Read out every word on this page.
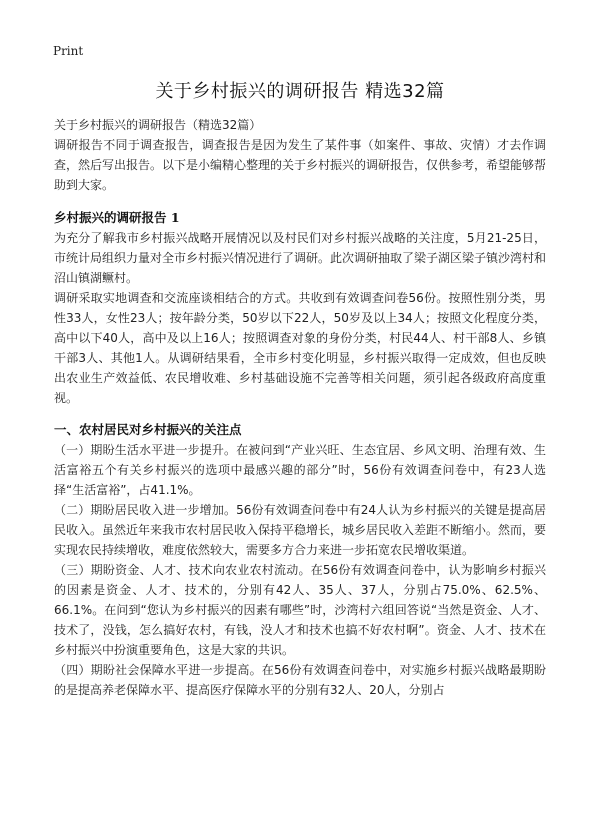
Print
关于乡村振兴的调研报告 精选32篇
关于乡村振兴的调研报告（精选32篇）

调研报告不同于调查报告，调查报告是因为发生了某件事（如案件、事故、灾情）才去作调查，然后写出报告。以下是小编精心整理的关于乡村振兴的调研报告，仅供参考，希望能够帮助到大家。

乡村振兴的调研报告 1

为充分了解我市乡村振兴战略开展情况以及村民们对乡村振兴战略的关注度，5月21-25日，市统计局组织力量对全市乡村振兴情况进行了调研。此次调研抽取了梁子湖区梁子镇沙湾村和沼山镇湖鳜村。

调研采取实地调查和交流座谈相结合的方式。共收到有效调查问卷56份。按照性别分类，男性33人，女性23人；按年龄分类，50岁以下22人，50岁及以上34人；按照文化程度分类，高中以下40人，高中及以上16人；按照调查对象的身份分类，村民44人、村干部8人、乡镇干部3人、其他1人。从调研结果看，全市乡村变化明显，乡村振兴取得一定成效，但也反映出农业生产效益低、农民增收难、乡村基础设施不完善等相关问题，须引起各级政府高度重视。

一、农村居民对乡村振兴的关注点

（一）期盼生活水平进一步提升。在被问到“产业兴旺、生态宜居、乡风文明、治理有效、生活富裕五个有关乡村振兴的选项中最感兴趣的部分”时，56份有效调查问卷中，有23人选择“生活富裕”，占41.1%。

（二）期盼居民收入进一步增加。56份有效调查问卷中有24人认为乡村振兴的关键是提高居民收入。虽然近年来我市农村居民收入保持平稳增长，城乡居民收入差距不断缩小。然而，要实现农民持续增收，难度依然较大，需要多方合力来进一步拓宽农民增收渠道。

（三）期盼资金、人才、技术向农业农村流动。在56份有效调查问卷中，认为影响乡村振兴的因素是资金、人才、技术的，分别有42人、35人、37人，分别占75.0%、62.5%、66.1%。在问到“您认为乡村振兴的因素有哪些”时，沙湾村六组回答说“当然是资金、人才、技术了，没钱，怎么搞好农村，有钱，没人才和技术也搞不好农村啊”。资金、人才、技术在乡村振兴中扮演重要角色，这是大家的共识。

（四）期盼社会保障水平进一步提高。在56份有效调查问卷中，对实施乡村振兴战略最期盼的是提高养老保障水平、提高医疗保障水平的分别有32人、20人，分别占
